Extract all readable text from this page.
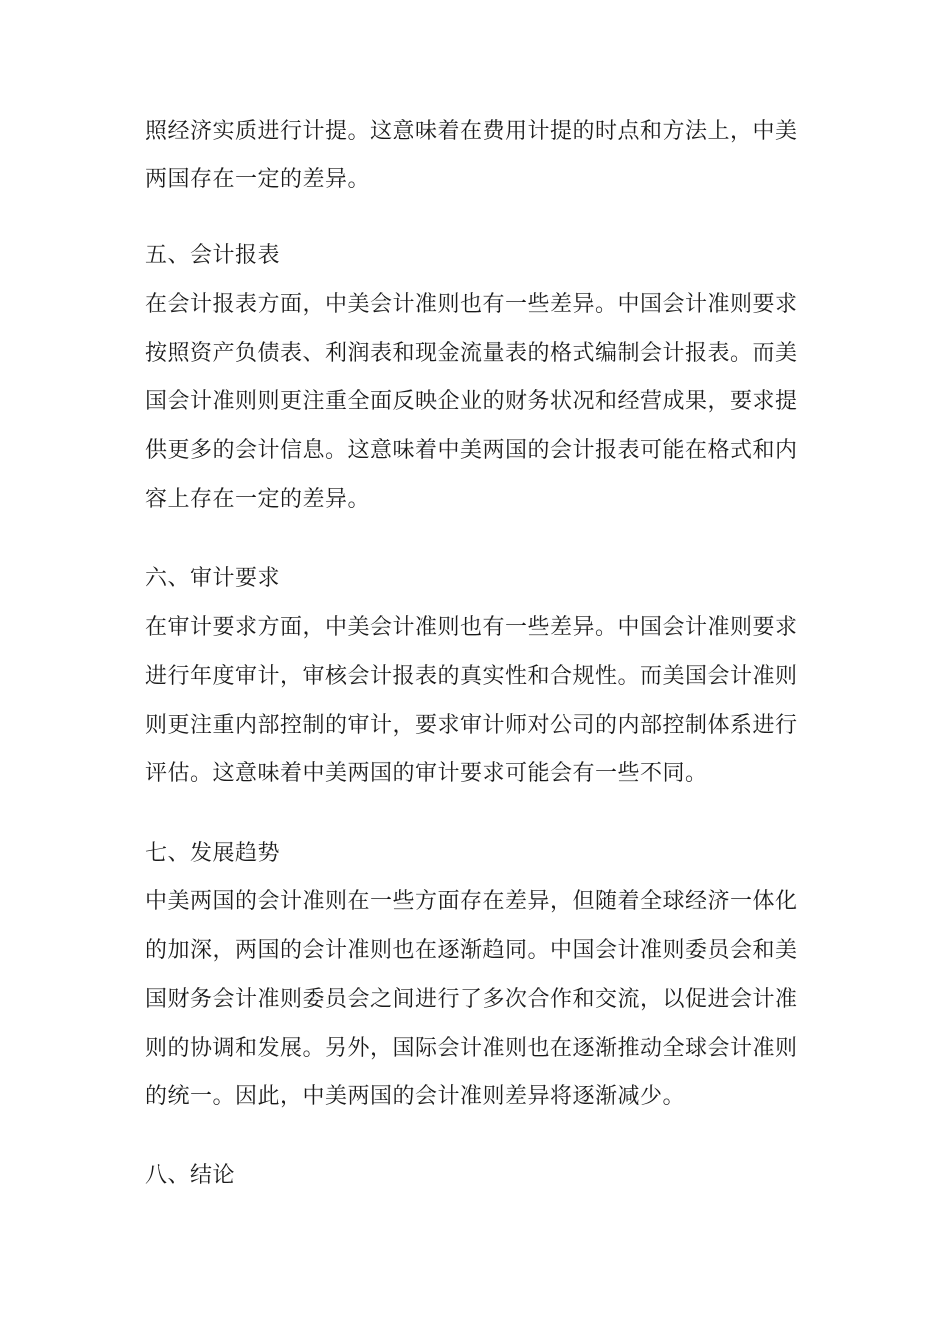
照经济实质进行计提。这意味着在费用计提的时点和方法上，中美
两国存在一定的差异。
五、会计报表
在会计报表方面，中美会计准则也有一些差异。中国会计准则要求
按照资产负债表、利润表和现金流量表的格式编制会计报表。而美
国会计准则则更注重全面反映企业的财务状况和经营成果，要求提
供更多的会计信息。这意味着中美两国的会计报表可能在格式和内
容上存在一定的差异。
六、审计要求
在审计要求方面，中美会计准则也有一些差异。中国会计准则要求
进行年度审计，审核会计报表的真实性和合规性。而美国会计准则
则更注重内部控制的审计，要求审计师对公司的内部控制体系进行
评估。这意味着中美两国的审计要求可能会有一些不同。
七、发展趋势
中美两国的会计准则在一些方面存在差异，但随着全球经济一体化
的加深，两国的会计准则也在逐渐趋同。中国会计准则委员会和美
国财务会计准则委员会之间进行了多次合作和交流，以促进会计准
则的协调和发展。另外，国际会计准则也在逐渐推动全球会计准则
的统一。因此，中美两国的会计准则差异将逐渐减少。
八、结论
